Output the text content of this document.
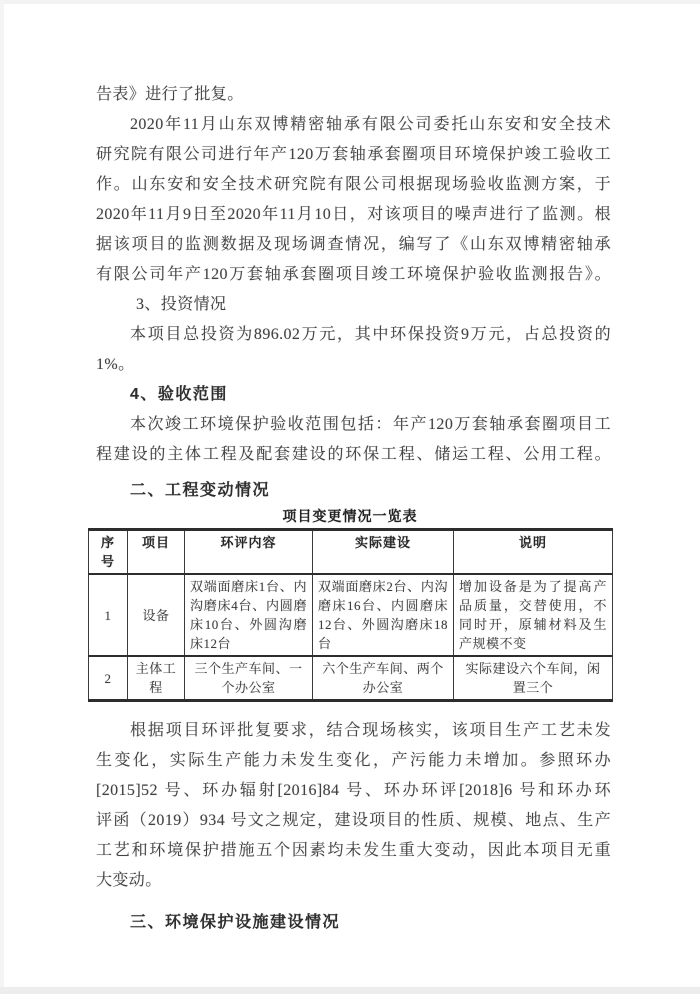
告表》进行了批复。
2020年11月山东双博精密轴承有限公司委托山东安和安全技术
研究院有限公司进行年产120万套轴承套圈项目环境保护竣工验收工
作。山东安和安全技术研究院有限公司根据现场验收监测方案，于
2020年11月9日至2020年11月10日，对该项目的噪声进行了监测。根
据该项目的监测数据及现场调查情况，编写了《山东双博精密轴承
有限公司年产120万套轴承套圈项目竣工环境保护验收监测报告》。
3、投资情况
本项目总投资为896.02万元，其中环保投资9万元，占总投资的
1%。
4、验收范围
本次竣工环境保护验收范围包括：年产120万套轴承套圈项目工
程建设的主体工程及配套建设的环保工程、储运工程、公用工程。
二、工程变动情况
项目变更情况一览表
序号	项目	环评内容	实际建设	说明
1	设备	双端面磨床1台、内沟磨床4台、内圆磨床10台、外圆沟磨床12台	双端面磨床2台、内沟磨床16台、内圆磨床12台、外圆沟磨床18台	增加设备是为了提高产品质量，交替使用，不同时开，原辅材料及生产规模不变
2	主体工程	三个生产车间、一个办公室	六个生产车间、两个办公室	实际建设六个车间，闲置三个
根据项目环评批复要求，结合现场核实，该项目生产工艺未发
生变化，实际生产能力未发生变化，产污能力未增加。参照环办
[2015]52 号、环办辐射[2016]84 号、环办环评[2018]6 号和环办环
评函（2019）934 号文之规定，建设项目的性质、规模、地点、生产
工艺和环境保护措施五个因素均未发生重大变动，因此本项目无重
大变动。
三、环境保护设施建设情况
